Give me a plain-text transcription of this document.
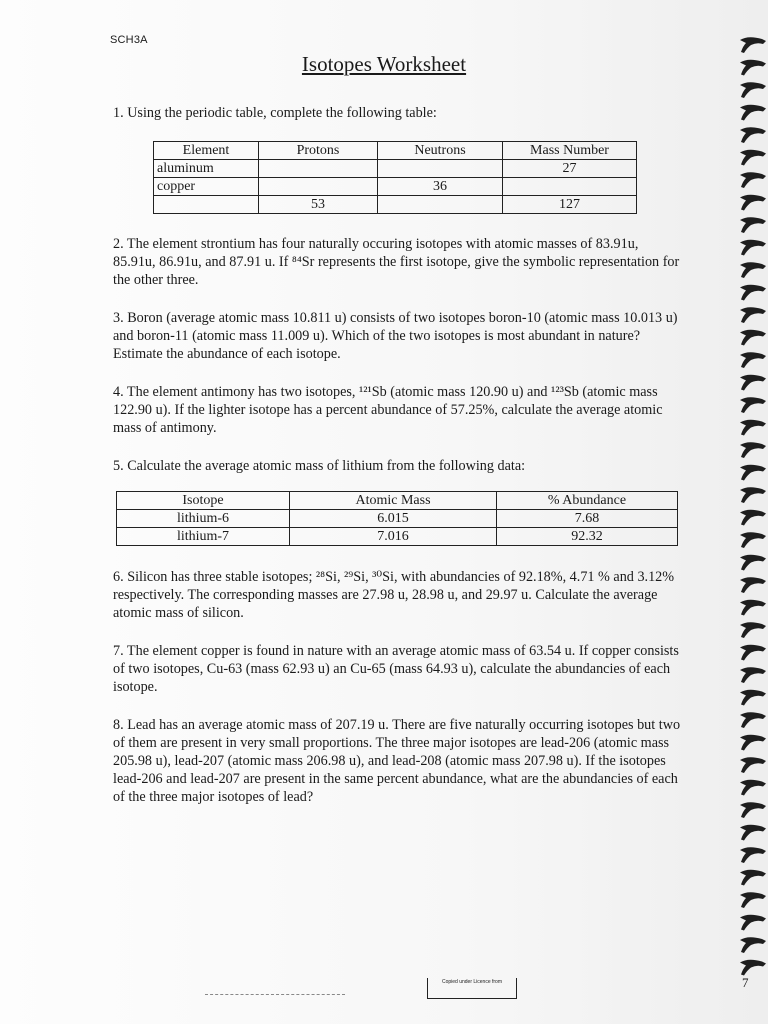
SCH3A
Isotopes Worksheet
1. Using the periodic table, complete the following table:
Element	Protons	Neutrons	Mass Number
aluminum			27
copper		36	
	53		127
2. The element strontium has four naturally occuring isotopes with atomic masses of 83.91u, 85.91u, 86.91u, and 87.91 u. If ⁸⁴Sr represents the first isotope, give the symbolic representation for the other three.
3. Boron (average atomic mass 10.811 u) consists of two isotopes boron-10 (atomic mass 10.013 u) and boron-11 (atomic mass 11.009 u). Which of the two isotopes is most abundant in nature? Estimate the abundance of each isotope.
4. The element antimony has two isotopes, ¹²¹Sb (atomic mass 120.90 u) and ¹²³Sb (atomic mass 122.90 u). If the lighter isotope has a percent abundance of 57.25%, calculate the average atomic mass of antimony.
5. Calculate the average atomic mass of lithium from the following data:
Isotope	Atomic Mass	% Abundance
lithium-6	6.015	7.68
lithium-7	7.016	92.32
6. Silicon has three stable isotopes; ²⁸Si, ²⁹Si, ³⁰Si, with abundancies of 92.18%, 4.71 % and 3.12% respectively. The corresponding masses are 27.98 u, 28.98 u, and 29.97 u. Calculate the average atomic mass of silicon.
7. The element copper is found in nature with an average atomic mass of 63.54 u. If copper consists of two isotopes, Cu-63 (mass 62.93 u) an Cu-65 (mass 64.93 u), calculate the abundancies of each isotope.
8. Lead has an average atomic mass of 207.19 u. There are five naturally occurring isotopes but two of them are present in very small proportions. The three major isotopes are lead-206 (atomic mass 205.98 u), lead-207 (atomic mass 206.98 u), and lead-208 (atomic mass 207.98 u). If the isotopes lead-206 and lead-207 are present in the same percent abundance, what are the abundancies of each of the three major isotopes of lead?
Copied under Licence from	7
